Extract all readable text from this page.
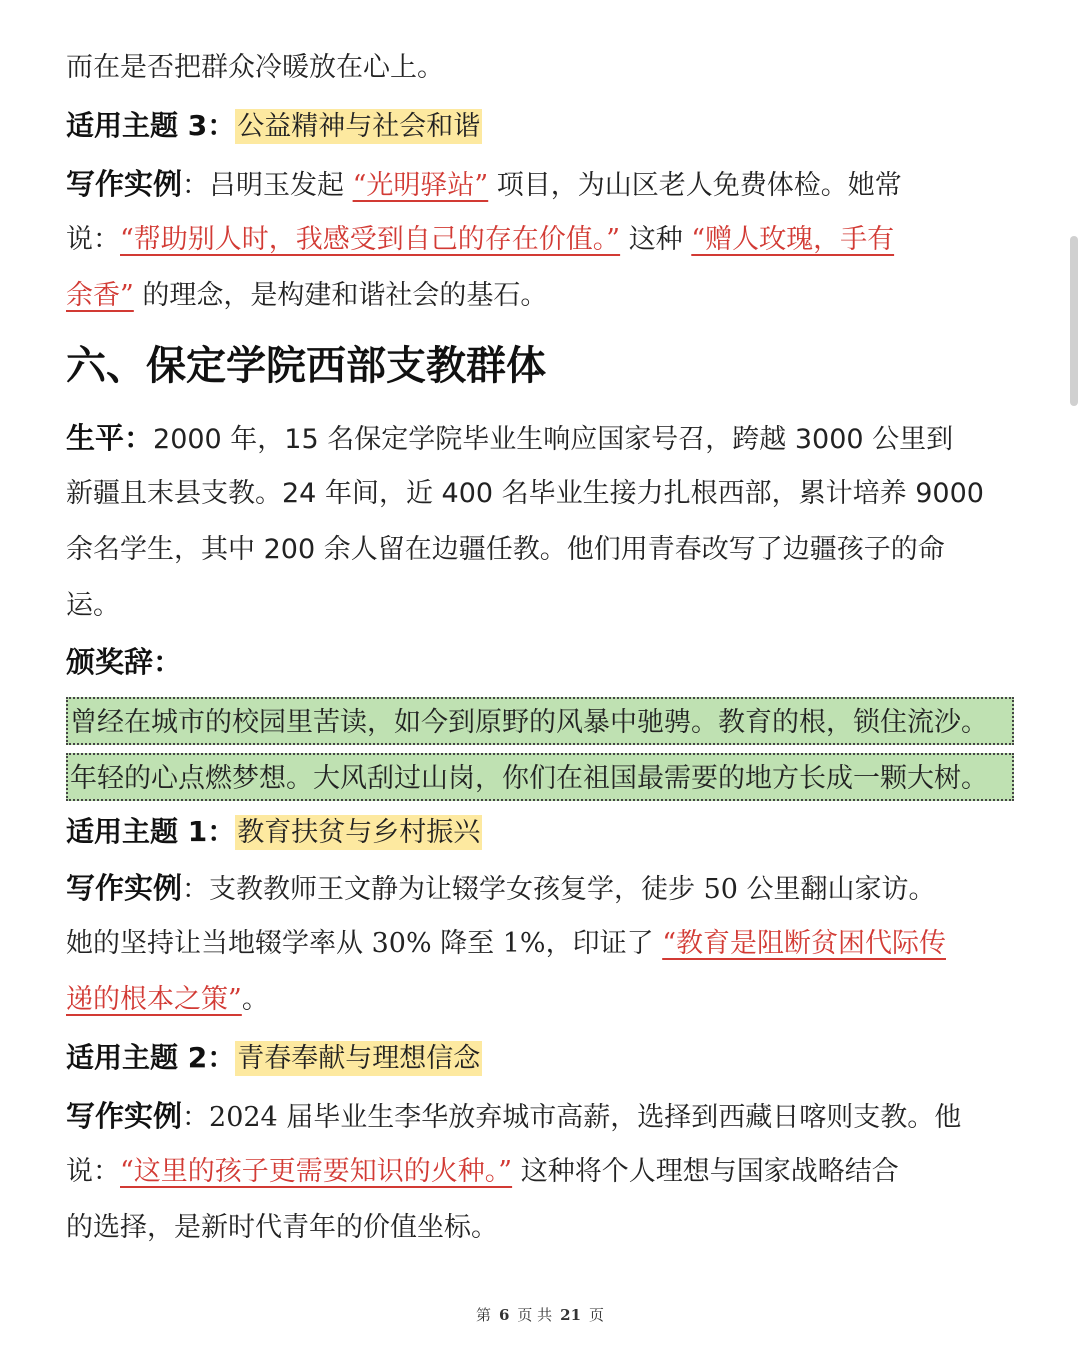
而在是否把群众冷暖放在心上。
适用主题 3：公益精神与社会和谐
写作实例：吕明玉发起 “光明驿站” 项目，为山区老人免费体检。她常
说：“帮助别人时，我感受到自己的存在价值。” 这种 “赠人玫瑰，手有
余香” 的理念，是构建和谐社会的基石。
六、保定学院西部支教群体
生平：2000 年，15 名保定学院毕业生响应国家号召，跨越 3000 公里到
新疆且末县支教。24 年间，近 400 名毕业生接力扎根西部，累计培养 9000
余名学生，其中 200 余人留在边疆任教。他们用青春改写了边疆孩子的命
运。
颁奖辞：
曾经在城市的校园里苦读，如今到原野的风暴中驰骋。教育的根，锁住流沙。
年轻的心点燃梦想。大风刮过山岗，你们在祖国最需要的地方长成一颗大树。
适用主题 1：教育扶贫与乡村振兴
写作实例：支教教师王文静为让辍学女孩复学，徒步 50 公里翻山家访。
她的坚持让当地辍学率从 30% 降至 1%，印证了 “教育是阻断贫困代际传
递的根本之策”。
适用主题 2：青春奉献与理想信念
写作实例：2024 届毕业生李华放弃城市高薪，选择到西藏日喀则支教。他
说：“这里的孩子更需要知识的火种。” 这种将个人理想与国家战略结合
的选择，是新时代青年的价值坐标。
第 6 页 共 21 页
